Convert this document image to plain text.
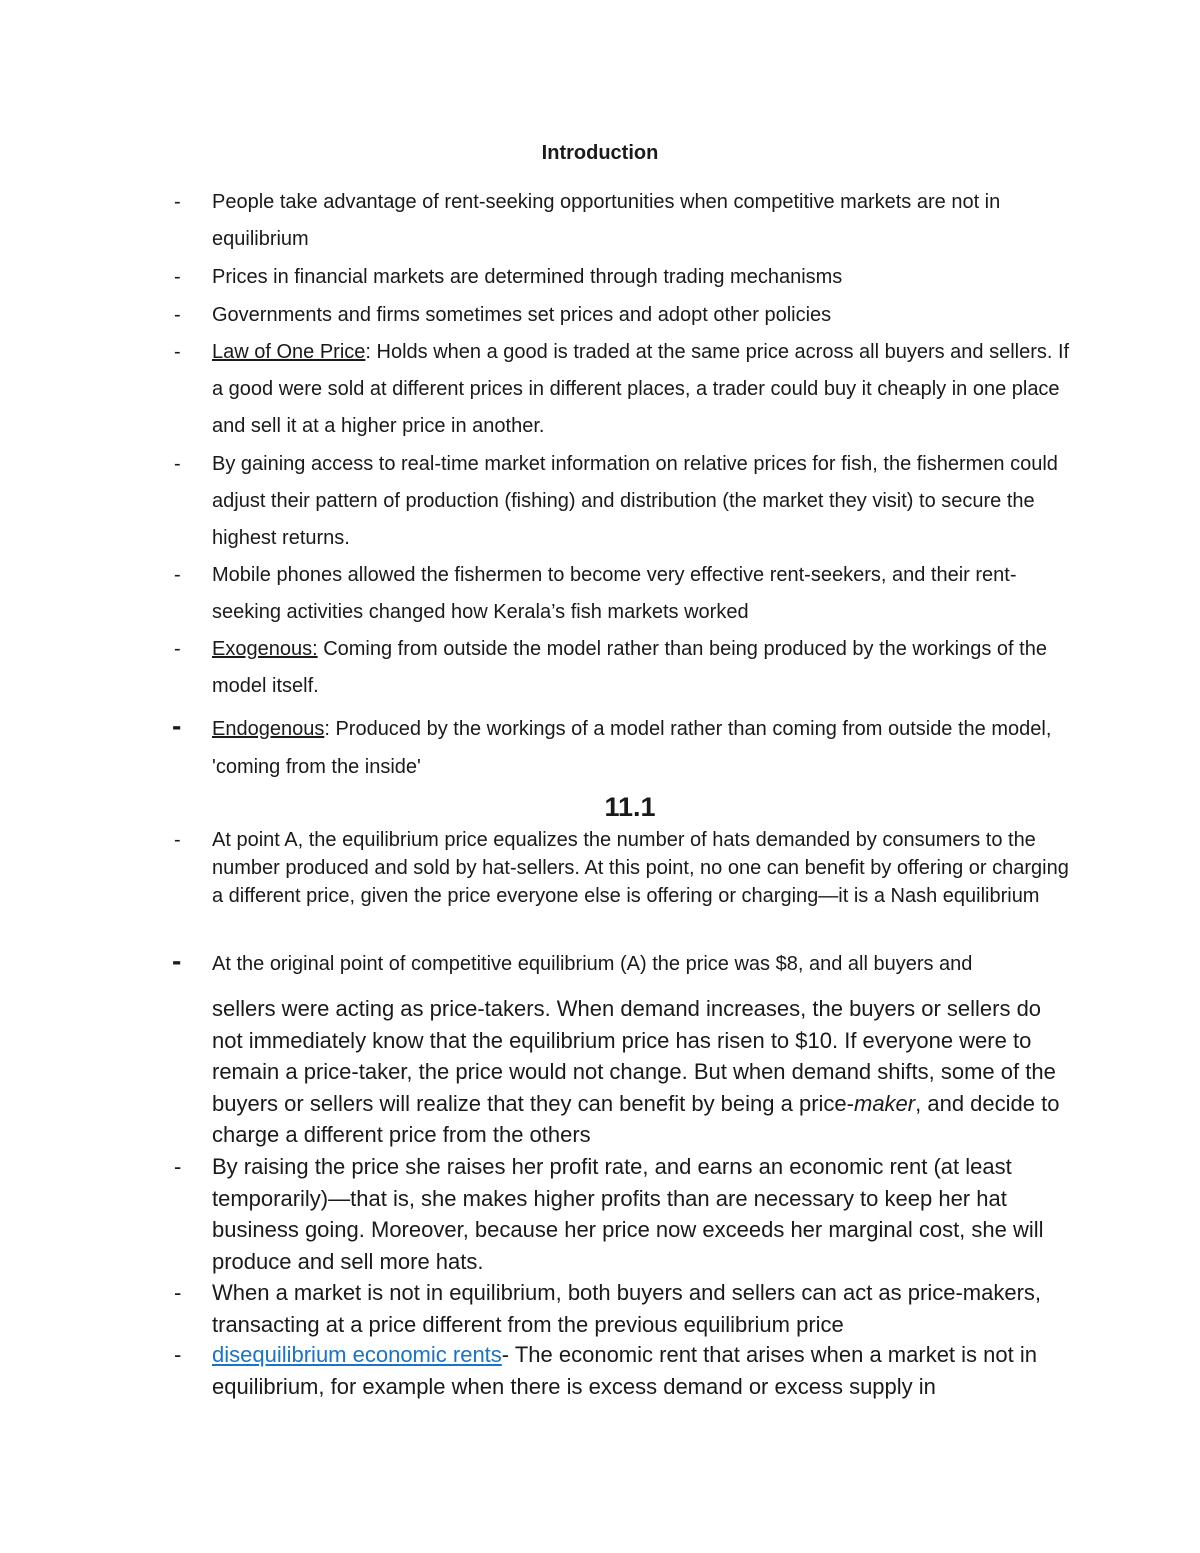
Introduction
- People take advantage of rent-seeking opportunities when competitive markets are not in equilibrium

- Prices in financial markets are determined through trading mechanisms

- Governments and firms sometimes set prices and adopt other policies

- Law of One Price: Holds when a good is traded at the same price across all buyers and sellers. If a good were sold at different prices in different places, a trader could buy it cheaply in one place and sell it at a higher price in another.

- By gaining access to real-time market information on relative prices for fish, the fishermen could adjust their pattern of production (fishing) and distribution (the market they visit) to secure the highest returns.

- Mobile phones allowed the fishermen to become very effective rent-seekers, and their rent-seeking activities changed how Kerala’s fish markets worked

- Exogenous: Coming from outside the model rather than being produced by the workings of the model itself.

- Endogenous: Produced by the workings of a model rather than coming from outside the model, 'coming from the inside'

11.1
- At point A, the equilibrium price equalizes the number of hats demanded by consumers to the number produced and sold by hat-sellers. At this point, no one can benefit by offering or charging a different price, given the price everyone else is offering or charging—it is a Nash equilibrium

- At the original point of competitive equilibrium (A) the price was $8, and all buyers and

sellers were acting as price-takers. When demand increases, the buyers or sellers do not immediately know that the equilibrium price has risen to $10. If everyone were to remain a price-taker, the price would not change. But when demand shifts, some of the buyers or sellers will realize that they can benefit by being a price-maker, and decide to charge a different price from the others

- By raising the price she raises her profit rate, and earns an economic rent (at least temporarily)—that is, she makes higher profits than are necessary to keep her hat business going. Moreover, because her price now exceeds her marginal cost, she will produce and sell more hats.

- When a market is not in equilibrium, both buyers and sellers can act as price-makers, transacting at a price different from the previous equilibrium price

- disequilibrium economic rents- The economic rent that arises when a market is not in equilibrium, for example when there is excess demand or excess supply in
